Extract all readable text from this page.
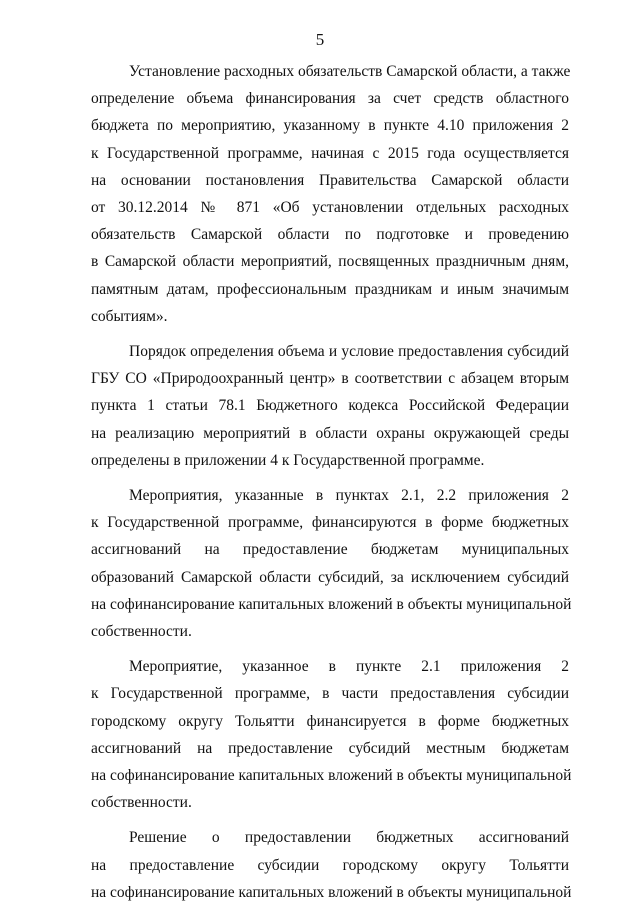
5

Установление расходных обязательств Самарской области, а также
определение объема финансирования за счет средств областного
бюджета по мероприятию, указанному в пункте 4.10 приложения 2
к Государственной программе, начиная с 2015 года осуществляется
на основании постановления Правительства Самарской области
от 30.12.2014 № 871 «Об установлении отдельных расходных
обязательств Самарской области по подготовке и проведению
в Самарской области мероприятий, посвященных праздничным дням,
памятным датам, профессиональным праздникам и иным значимым
событиям».

Порядок определения объема и условие предоставления субсидий
ГБУ СО «Природоохранный центр» в соответствии с абзацем вторым
пункта 1 статьи 78.1 Бюджетного кодекса Российской Федерации
на реализацию мероприятий в области охраны окружающей среды
определены в приложении 4 к Государственной программе.

Мероприятия, указанные в пунктах 2.1, 2.2 приложения 2
к Государственной программе, финансируются в форме бюджетных
ассигнований на предоставление бюджетам муниципальных
образований Самарской области субсидий, за исключением субсидий
на софинансирование капитальных вложений в объекты муниципальной
собственности.

Мероприятие, указанное в пункте 2.1 приложения 2
к Государственной программе, в части предоставления субсидии
городскому округу Тольятти финансируется в форме бюджетных
ассигнований на предоставление субсидий местным бюджетам
на софинансирование капитальных вложений в объекты муниципальной
собственности.

Решение о предоставлении бюджетных ассигнований
на предоставление субсидии городскому округу Тольятти
на софинансирование капитальных вложений в объекты муниципальной
